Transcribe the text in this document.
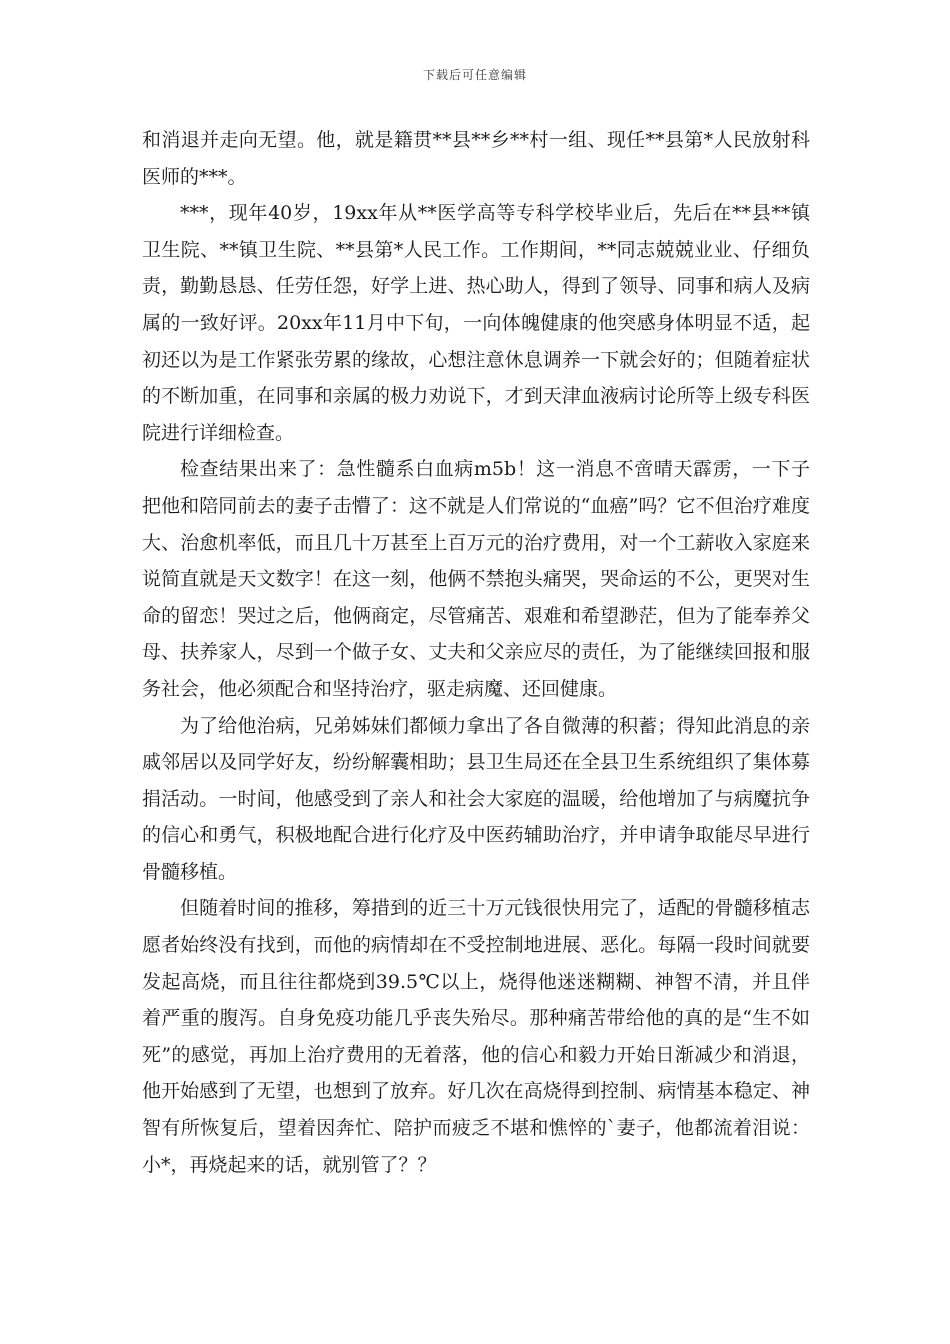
下载后可任意编辑

和消退并走向无望。他，就是籍贯**县**乡**村一组、现任**县第*人民放射科医师的***。

***，现年40岁，19xx年从**医学高等专科学校毕业后，先后在**县**镇卫生院、**镇卫生院、**县第*人民工作。工作期间，**同志兢兢业业、仔细负责，勤勤恳恳、任劳任怨，好学上进、热心助人，得到了领导、同事和病人及病属的一致好评。20xx年11月中下旬，一向体魄健康的他突感身体明显不适，起初还以为是工作紧张劳累的缘故，心想注意休息调养一下就会好的；但随着症状的不断加重，在同事和亲属的极力劝说下，才到天津血液病讨论所等上级专科医院进行详细检查。

检查结果出来了：急性髓系白血病m5b！这一消息不啻晴天霹雳，一下子把他和陪同前去的妻子击懵了：这不就是人们常说的“血癌”吗？它不但治疗难度大、治愈机率低，而且几十万甚至上百万元的治疗费用，对一个工薪收入家庭来说简直就是天文数字！在这一刻，他俩不禁抱头痛哭，哭命运的不公，更哭对生命的留恋！哭过之后，他俩商定，尽管痛苦、艰难和希望渺茫，但为了能奉养父母、扶养家人，尽到一个做子女、丈夫和父亲应尽的责任，为了能继续回报和服务社会，他必须配合和坚持治疗，驱走病魔、还回健康。

为了给他治病，兄弟姊妹们都倾力拿出了各自微薄的积蓄；得知此消息的亲戚邻居以及同学好友，纷纷解囊相助；县卫生局还在全县卫生系统组织了集体募捐活动。一时间，他感受到了亲人和社会大家庭的温暖，给他增加了与病魔抗争的信心和勇气，积极地配合进行化疗及中医药辅助治疗，并申请争取能尽早进行骨髓移植。

但随着时间的推移，筹措到的近三十万元钱很快用完了，适配的骨髓移植志愿者始终没有找到，而他的病情却在不受控制地进展、恶化。每隔一段时间就要发起高烧，而且往往都烧到39.5℃以上，烧得他迷迷糊糊、神智不清，并且伴着严重的腹泻。自身免疫功能几乎丧失殆尽。那种痛苦带给他的真的是“生不如死”的感觉，再加上治疗费用的无着落，他的信心和毅力开始日渐减少和消退，他开始感到了无望，也想到了放弃。好几次在高烧得到控制、病情基本稳定、神智有所恢复后，望着因奔忙、陪护而疲乏不堪和憔悴的`妻子，他都流着泪说：小*，再烧起来的话，就别管了？？
